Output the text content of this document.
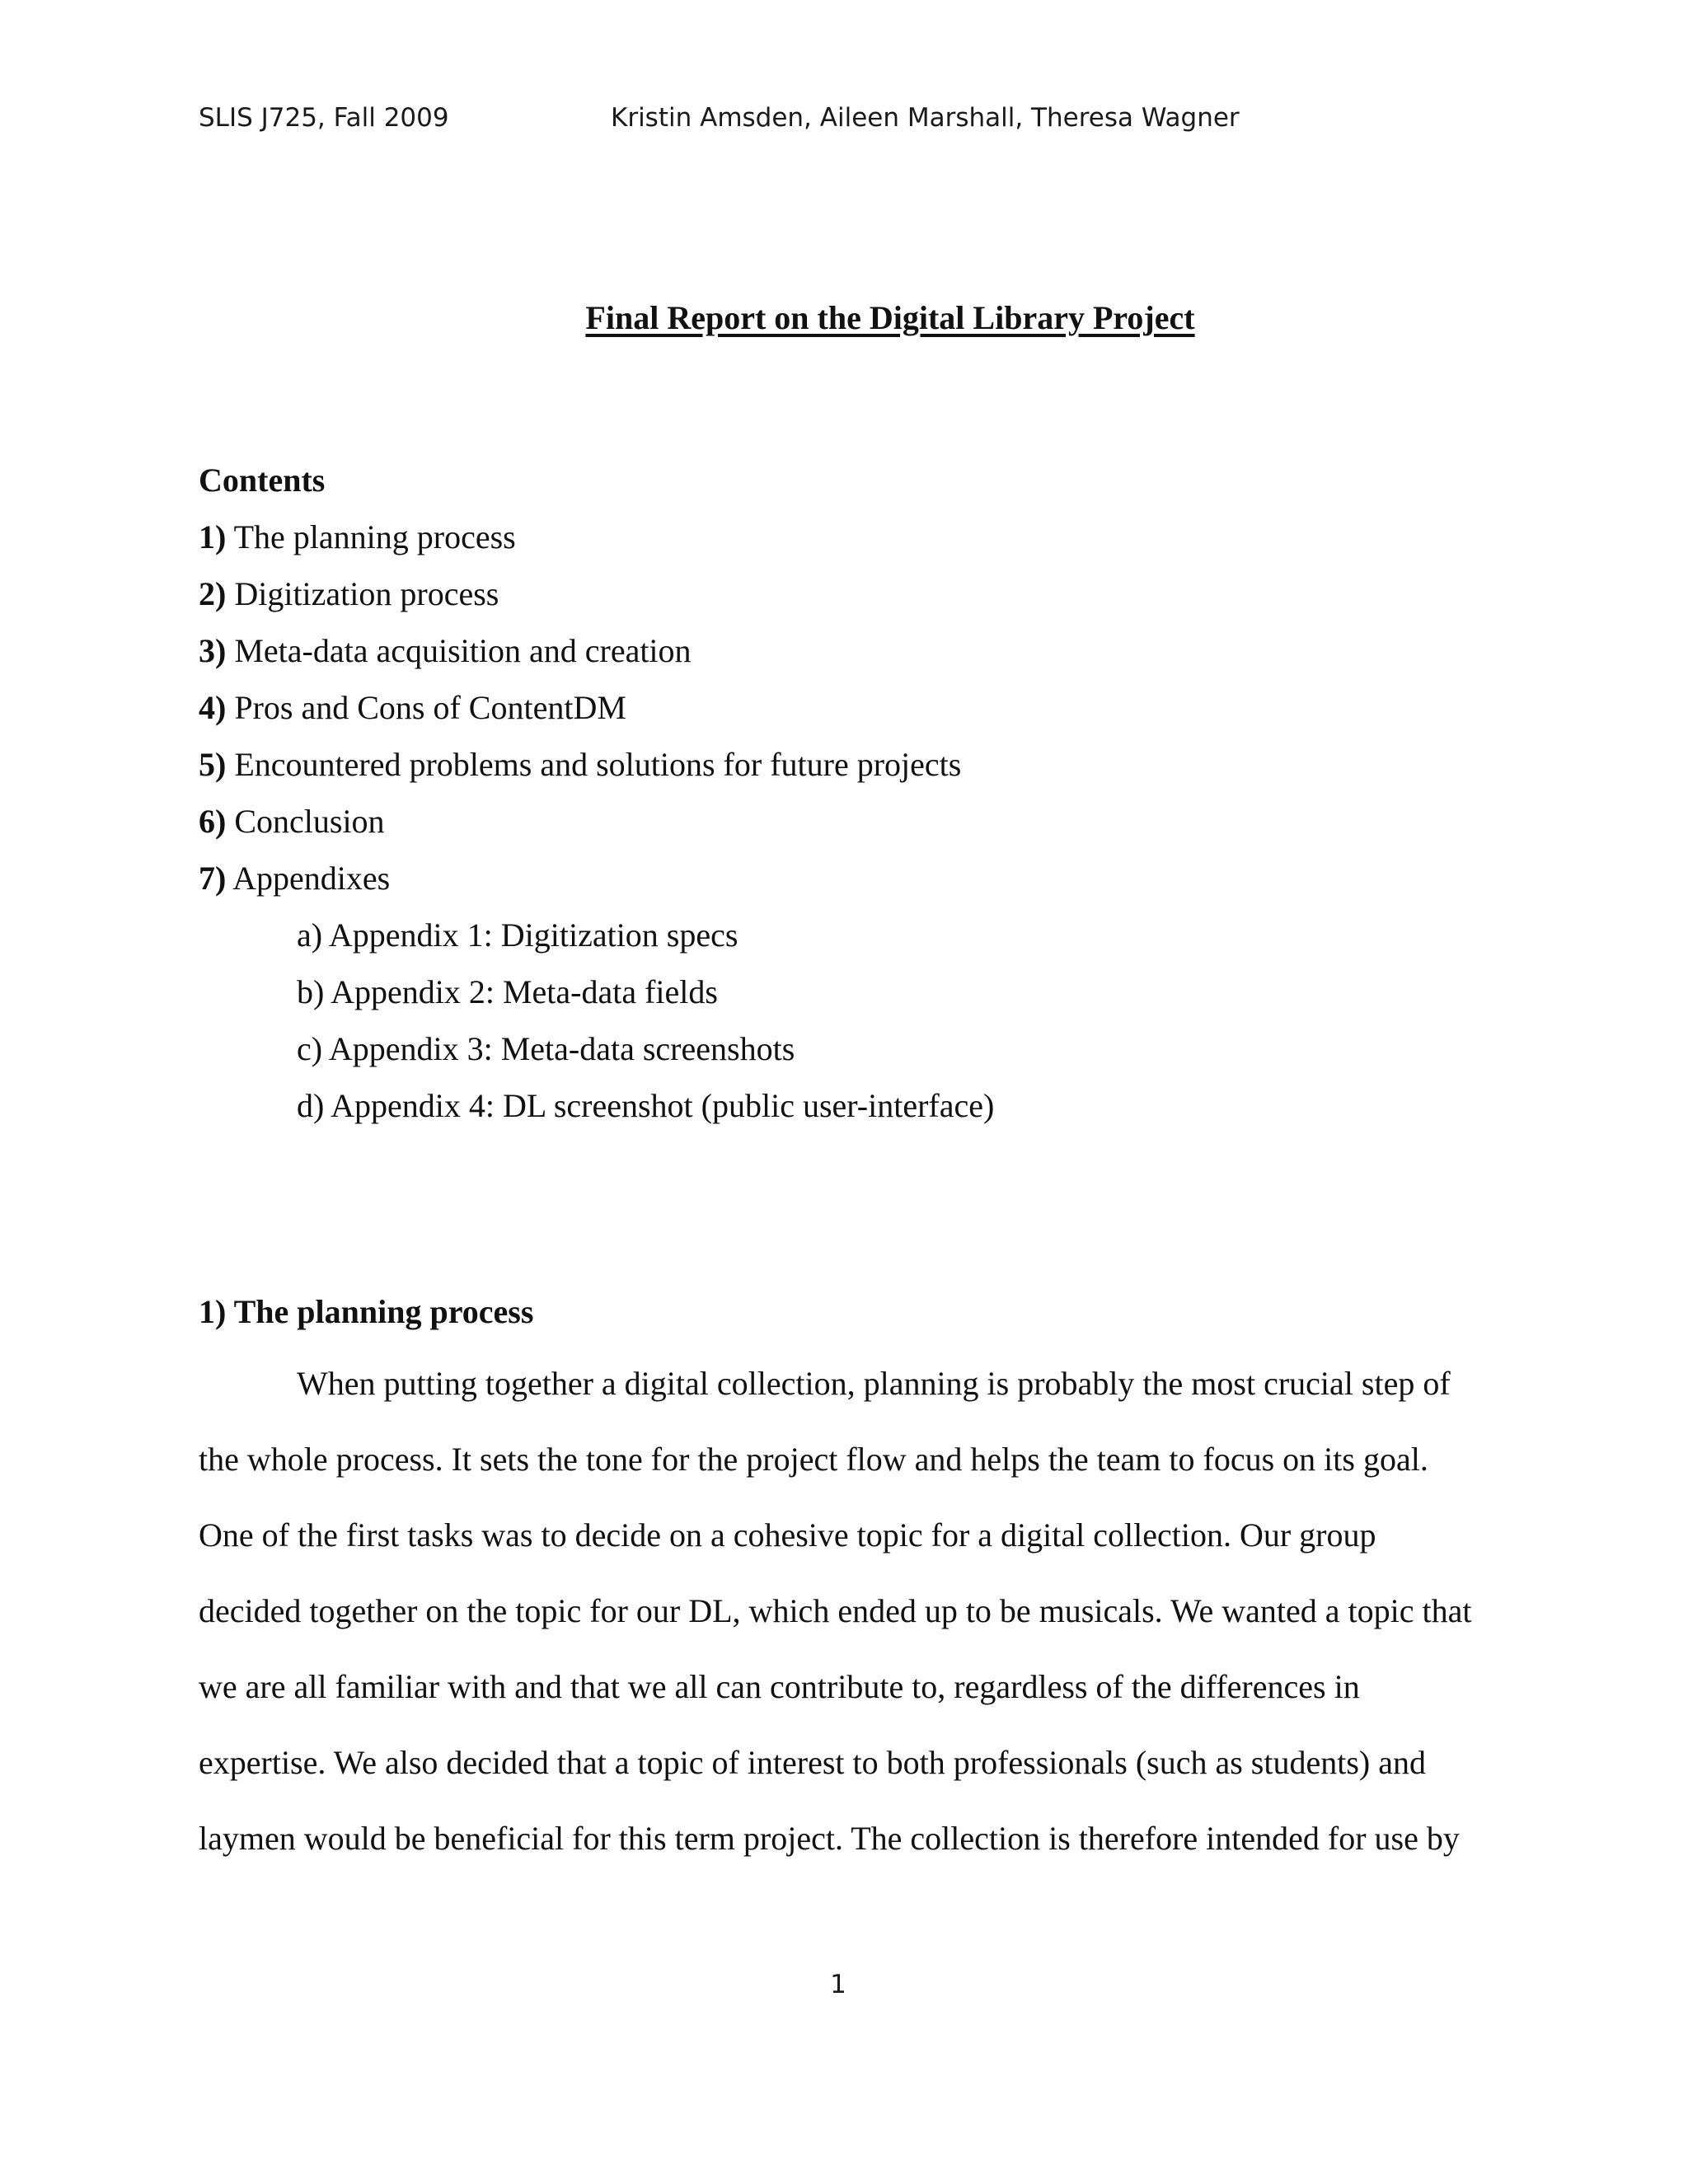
SLIS J725, Fall 2009	Kristin Amsden, Aileen Marshall, Theresa Wagner
Final Report on the Digital Library Project
Contents
1) The planning process
2) Digitization process
3) Meta-data acquisition and creation
4) Pros and Cons of ContentDM
5) Encountered problems and solutions for future projects
6) Conclusion
7) Appendixes
a) Appendix 1: Digitization specs
b) Appendix 2: Meta-data fields
c) Appendix 3: Meta-data screenshots
d) Appendix 4: DL screenshot (public user-interface)
1) The planning process
When putting together a digital collection, planning is probably the most crucial step of
the whole process. It sets the tone for the project flow and helps the team to focus on its goal.
One of the first tasks was to decide on a cohesive topic for a digital collection. Our group
decided together on the topic for our DL, which ended up to be musicals. We wanted a topic that
we are all familiar with and that we all can contribute to, regardless of the differences in
expertise. We also decided that a topic of interest to both professionals (such as students) and
laymen would be beneficial for this term project. The collection is therefore intended for use by
1
